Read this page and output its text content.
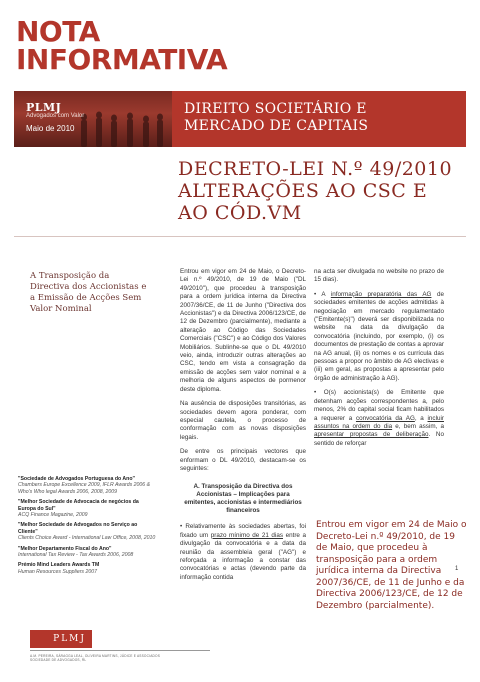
NOTA
INFORMATIVA
PLMJ
Advogados com Valor
Maio de 2010
DIREITO SOCIETÁRIO E
MERCADO DE CAPITAIS
DECRETO-LEI N.º 49/2010
ALTERAÇÕES AO CSC E
AO CÓD.VM
A Transposição da Directiva dos Accionistas e a Emissão de Acções Sem Valor Nominal
"Sociedade de Advogados Portuguesa do Ano"
Chambers Europe Excellence 2009, IFLR Awards 2006 & Who's Who legal Awards 2006, 2008, 2009
"Melhor Sociedade de Advocacia de negócios da Europa do Sul"
ACQ Finance Magazine, 2009
"Melhor Sociedade de Advogados no Serviço ao Cliente"
Clients Choice Award - International Law Office, 2008, 2010
"Melhor Departamento Fiscal do Ano"
International Tax Review - Tax Awards 2006, 2008
Prémio Mind Leaders Awards TM
Human Resources Suppliers 2007

Entrou em vigor em 24 de Maio, o Decreto-Lei n.º 49/2010, de 19 de Maio ("DL 49/2010"), que procedeu à transposição para a ordem jurídica interna da Directiva 2007/36/CE, de 11 de Junho ("Directiva dos Accionistas") e da Directiva 2006/123/CE, de 12 de Dezembro (parcialmente), mediante a alteração ao Código das Sociedades Comerciais ("CSC") e ao Código dos Valores Mobiliários. Sublinhe-se que o DL 49/2010 veio, ainda, introduzir outras alterações ao CSC, tendo em vista a consagração da emissão de acções sem valor nominal e a melhoria de alguns aspectos de pormenor deste diploma.

Na ausência de disposições transitórias, as sociedades devem agora ponderar, com especial cautela, o processo de conformação com as novas disposições legais.

De entre os principais vectores que enformam o DL 49/2010, destacam-se os seguintes:

A. Transposição da Directiva dos Accionistas – Implicações para emitentes, accionistas e intermediários financeiros

• Relativamente às sociedades abertas, foi fixado um prazo mínimo de 21 dias entre a divulgação da convocatória e a data da reunião da assembleia geral ("AG") e reforçada a informação a constar das convocatórias e actas (devendo parte da informação contida

na acta ser divulgada no website no prazo de 15 dias).

• A informação preparatória das AG de sociedades emitentes de acções admitidas à negociação em mercado regulamentado ("Emitente(s)") deverá ser disponibilizada no website na data da divulgação da convocatória (incluindo, por exemplo, (i) os documentos de prestação de contas a aprovar na AG anual, (ii) os nomes e os currícula das pessoas a propor no âmbito de AG electivas e (iii) em geral, as propostas a apresentar pelo órgão de administração à AG).

• O(s) accionista(s) de Emitente que detenham acções correspondentes a, pelo menos, 2% do capital social ficam habilitados a requerer a convocatória da AG, a incluir assuntos na ordem do dia e, bem assim, a apresentar propostas de deliberação. No sentido de reforçar

Entrou em vigor em 24 de Maio o Decreto-Lei n.º 49/2010, de 19 de Maio, que procedeu à transposição para a ordem jurídica interna da Directiva 2007/36/CE, de 11 de Junho e da Directiva 2006/123/CE, de 12 de Dezembro (parcialmente).
1
PLMJ
A.M. PEREIRA, SÁRAGGA LEAL, OLIVEIRA MARTINS, JÚDICE E ASSOCIADOS SOCIEDADE DE ADVOGADOS, RL
